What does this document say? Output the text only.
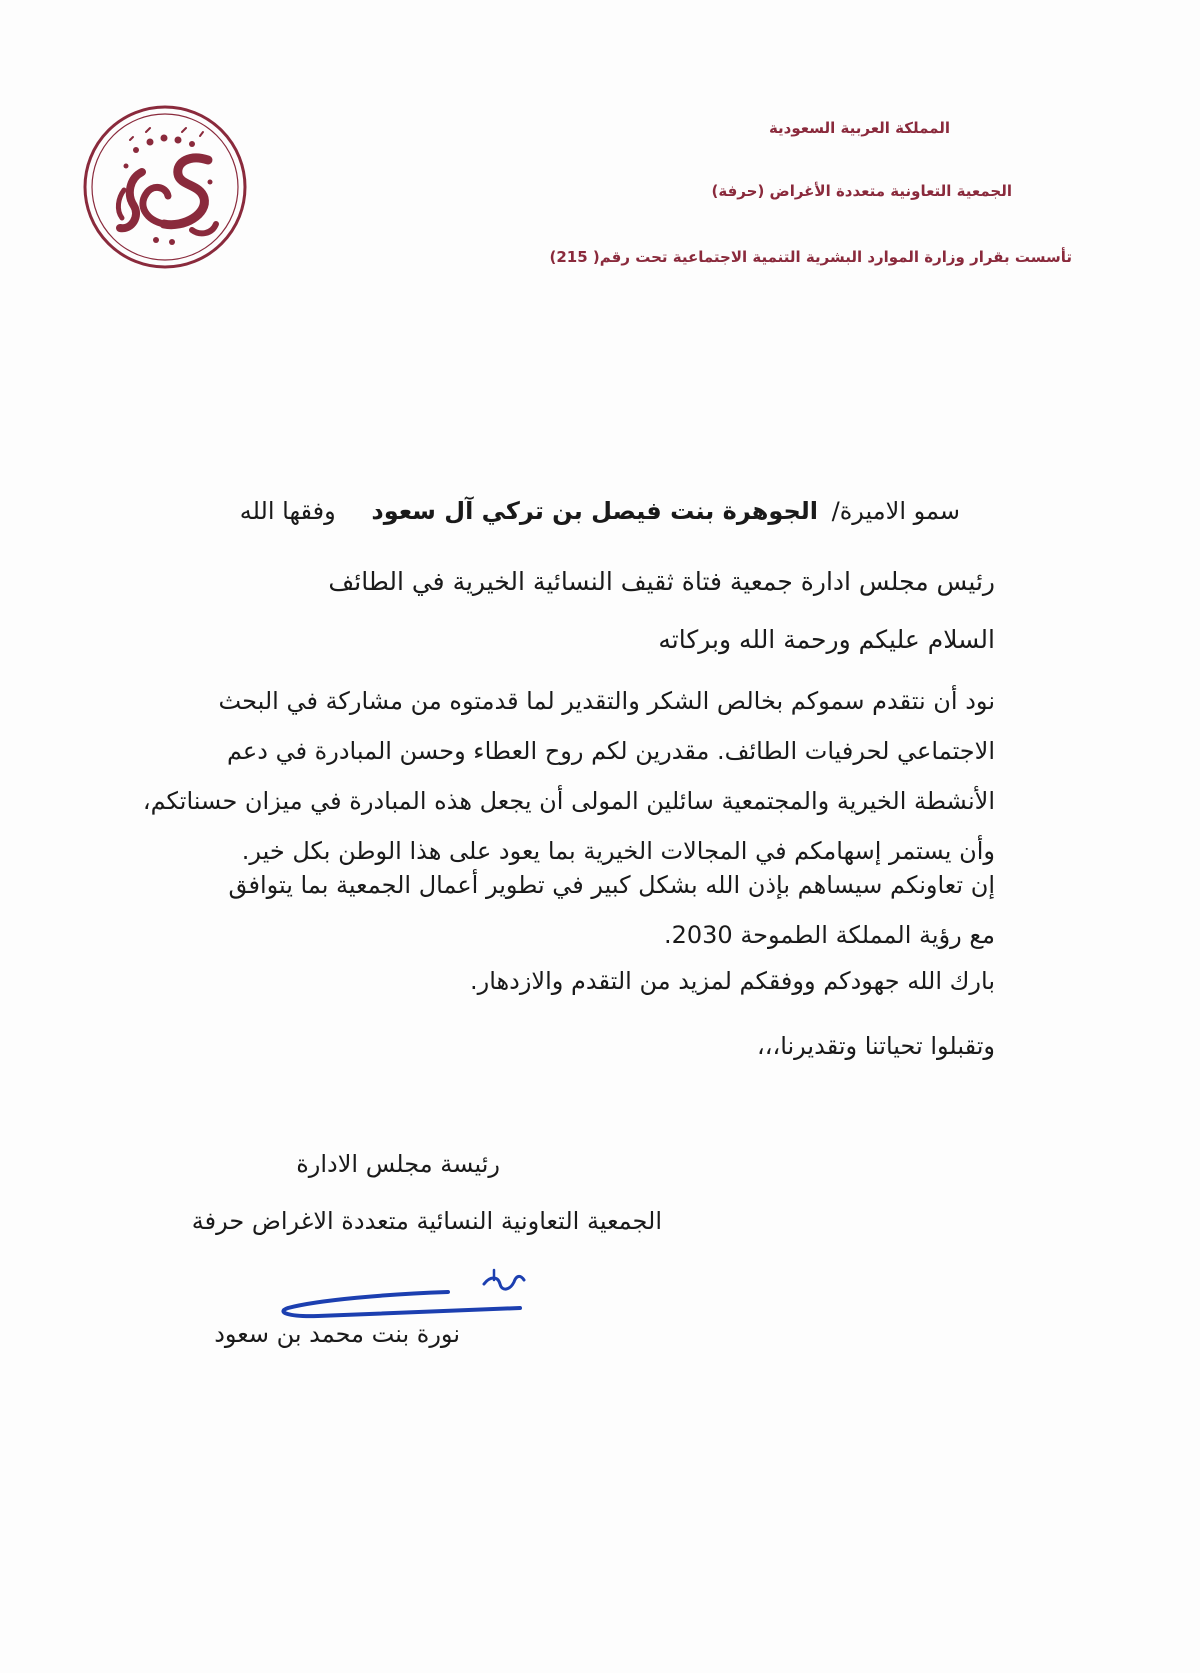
المملكة العربية السعودية
الجمعية التعاونية متعددة الأغراض (حرفة)
تأسست بقرار وزارة الموارد البشرية التنمية الاجتماعية تحت رقم( 215)
سمو الاميرة/ الجوهرة بنت فيصل بن تركي آل سعود وفقها الله
رئيس مجلس ادارة جمعية فتاة ثقيف النسائية الخيرية في الطائف
السلام عليكم ورحمة الله وبركاته
نود أن نتقدم سموكم بخالص الشكر والتقدير لما قدمتوه من مشاركة في البحث
الاجتماعي لحرفيات الطائف. مقدرين لكم روح العطاء وحسن المبادرة في دعم
الأنشطة الخيرية والمجتمعية سائلين المولى أن يجعل هذه المبادرة في ميزان حسناتكم،
وأن يستمر إسهامكم في المجالات الخيرية بما يعود على هذا الوطن بكل خير.
إن تعاونكم سيساهم بإذن الله بشكل كبير في تطوير أعمال الجمعية بما يتوافق
مع رؤية المملكة الطموحة 2030.
بارك الله جهودكم ووفقكم لمزيد من التقدم والازدهار.
وتقبلوا تحياتنا وتقديرنا،،،
رئيسة مجلس الادارة
الجمعية التعاونية النسائية متعددة الاغراض حرفة
نورة بنت محمد بن سعود
